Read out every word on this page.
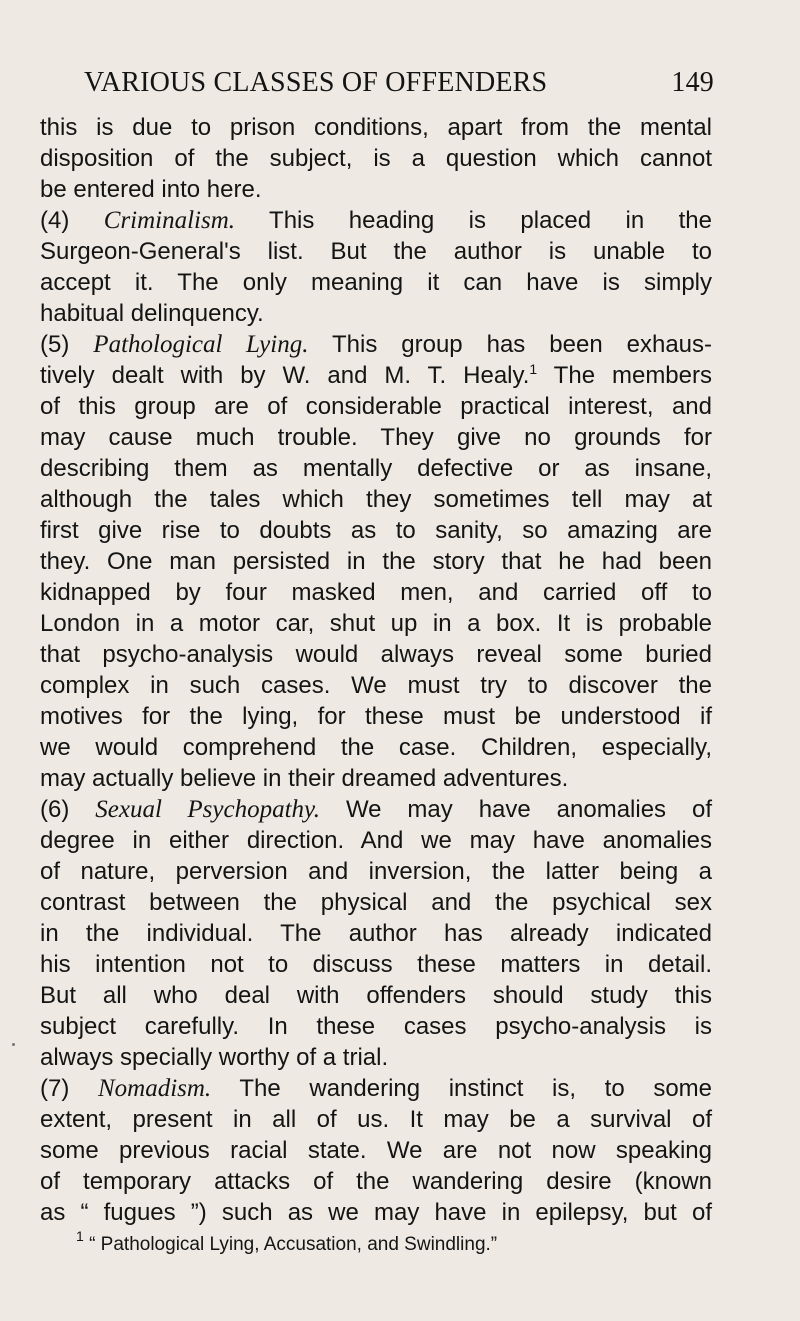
VARIOUS CLASSES OF OFFENDERS	149
this is due to prison conditions, apart from the mental
disposition of the subject, is a question which cannot
be entered into here.
(4) Criminalism. This heading is placed in the
Surgeon-General's list. But the author is unable to
accept it. The only meaning it can have is simply
habitual delinquency.
(5) Pathological Lying. This group has been exhaus-
tively dealt with by W. and M. T. Healy.$^1$ The members
of this group are of considerable practical interest, and
may cause much trouble. They give no grounds for
describing them as mentally defective or as insane,
although the tales which they sometimes tell may at
first give rise to doubts as to sanity, so amazing are
they. One man persisted in the story that he had been
kidnapped by four masked men, and carried off to
London in a motor car, shut up in a box. It is probable
that psycho-analysis would always reveal some buried
complex in such cases. We must try to discover the
motives for the lying, for these must be understood if
we would comprehend the case. Children, especially,
may actually believe in their dreamed adventures.
(6) Sexual Psychopathy. We may have anomalies of
degree in either direction. And we may have anomalies
of nature, perversion and inversion, the latter being a
contrast between the physical and the psychical sex
in the individual. The author has already indicated
his intention not to discuss these matters in detail.
But all who deal with offenders should study this
subject carefully. In these cases psycho-analysis is
always specially worthy of a trial.
(7) Nomadism. The wandering instinct is, to some
extent, present in all of us. It may be a survival of
some previous racial state. We are not now speaking
of temporary attacks of the wandering desire (known
as “ fugues ”) such as we may have in epilepsy, but of
$^1$ “ Pathological Lying, Accusation, and Swindling.”
